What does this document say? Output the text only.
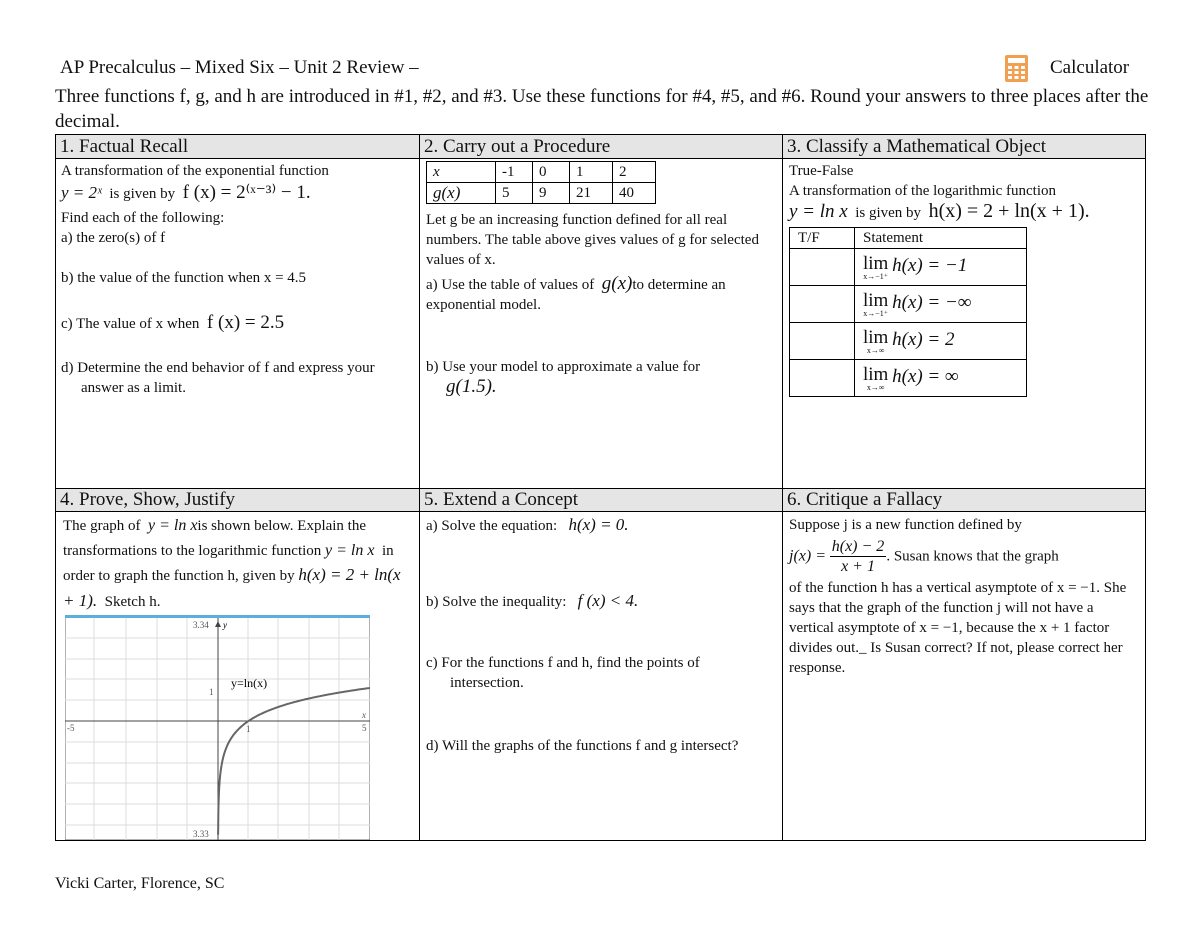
AP Precalculus – Mixed Six – Unit 2 Review –	Calculator
Three functions f, g, and h are introduced in #1, #2, and #3. Use these functions for #4, #5, and #6. Round your answers to three places after the decimal.
1. Factual Recall	2. Carry out a Procedure	3. Classify a Mathematical Object
4. Prove, Show, Justify	5. Extend a Concept	6. Critique a Fallacy

A transformation of the exponential function

y = 2ˣ is given by f (x) = 2⁽ˣ⁻³⁾ − 1.

Find each of the following:

a) the zero(s) of f

b) the value of the function when x = 4.5

c) The value of x when f (x) = 2.5

d) Determine the end behavior of f and express your answer as a limit.

x	-1	0	1	2
g(x)	5	9	21	40

Let g be an increasing function defined for all real numbers. The table above gives values of g for selected values of x.

a) Use the table of values of g(x)to determine an exponential model.

b) Use your model to approximate a value for

g(1.5).

True-False

A transformation of the logarithmic function

y = ln x is given by h(x) = 2 + ln(x + 1).

T/F	Statement
	lim
x→−1⁺
h(x) = −1
	lim
x→−1⁺
h(x) = −∞
	lim
x→∞
h(x) = 2
	lim
x→∞
h(x) = ∞

The graph of y = ln xis shown below. Explain the transformations to the logarithmic function y = ln x in order to graph the function h, given by h(x) = 2 + ln(x + 1). Sketch h.

y
3.34
3.33
-5	5
x
1
1
y=ln(x)

a) Solve the equation: h(x) = 0.

b) Solve the inequality: f (x) < 4.

c) For the functions f and h, find the points of intersection.

d) Will the graphs of the functions f and g intersect?

Suppose j is a new function defined by

$j(x) = \frac{h(x) - 2}{x + 1}$ . Susan knows that the graph

of the function h has a vertical asymptote of x = −1. She says that the graph of the function j will not have a vertical asymptote of x = −1, because the x + 1 factor divides out._ Is Susan correct? If not, please correct her response.

Vicki Carter, Florence, SC
